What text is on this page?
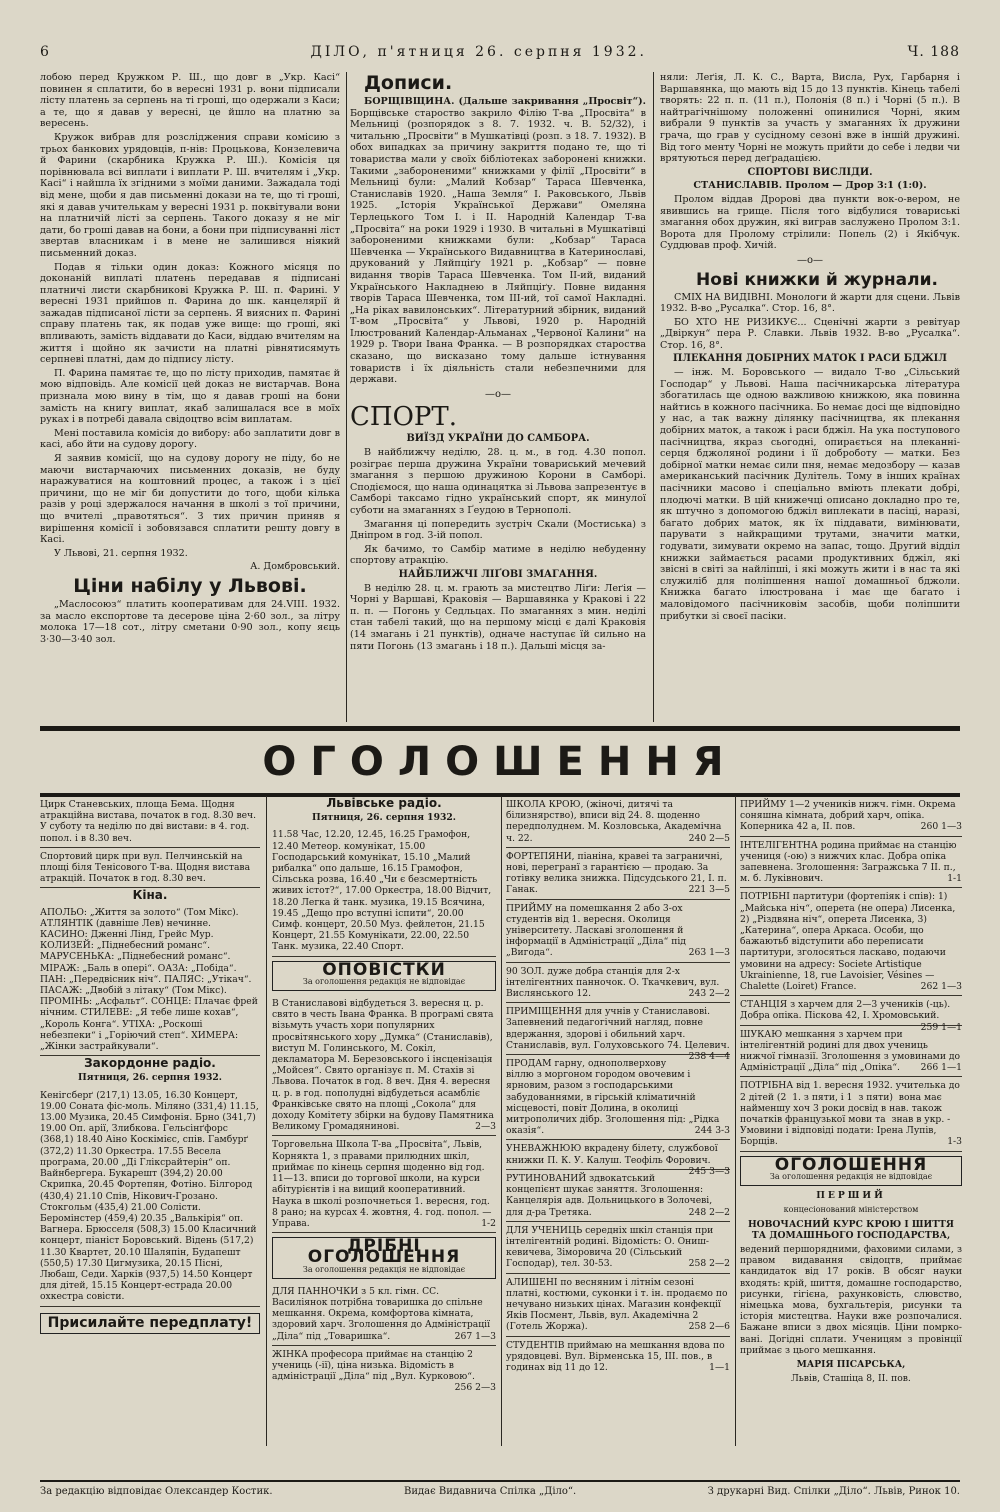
6	ДІЛО, п'ятниця 26. серпня 1932.	Ч. 188

лобою перед Кружком Р. Ш., що довг в „Укр. Касі“ повинен я сплатити, бо в вересні 1931 р. вони підписали лісту платень за серпень на ті гроші, що одержали з Каси; а те, що я давав у вересні, це йшло на платню за вересень.

Кружок вибрав для розсліджения справи комісию з трьох банкових урядовців, п-нів: Процькова, Конзелевича й Фарини (скарбника Кружка Р. Ш.). Комісія ця порівнювала всі виплати і виплати Р. Ш. вчителям і „Укр. Касі“ і найшла їх згідними з моїми даними. Зажадала тоді від мене, щоби я дав письменні докази на те, що ті гроші, які я давав учителькам у вересні 1931 р. поквітували вони на платничій лісті за серпень. Такого доказу я не міг дати, бо гроші давав на бони, а бони при підписуванні ліст звертав власникам і в мене не залишився ніякий письменний доказ.

Подав я тільки один доказ: Кожного місяця по доконаній виплаті платень передавав я підписані платничі листи скарбникові Кружка Р. Ш. п. Фарині. У вересні 1931 прийшов п. Фарина до шк. канцелярії й зажадав підписаної лісти за серпень. Я виясних п. Фарині справу платень так, як подав уже вище: що гроші, які впливають, замість віддавати до Каси, віддаю вчителям на життя і щойно як зачисти на платні рівнятисямуть серпневі платні, дам до підпису лісту.

П. Фарина памятає те, що по лісту приходив, памятає й мою відповідь. Але комісії цей доказ не вистарчав. Вона признала мою вину в тім, що я давав гроші на бони замість на книгу виплат, якаб залишалася все в моїх руках і в потребі давала свідоцтво всім виплатам.

Мені поставила комісія до вибору: або заплатити довг в касі, або йти на судову дорогу.

Я заявив комісії, що на судову дорогу не піду, бо не маючи вистарчаючих письменних доказів, не буду наражуватися на коштовний процес, а також і з цієї причини, що не міг би допустити до того, щоби кілька разів у році здержалося начання в школі з тої причини, що вчителі „правотяться“. З тих причин приняв я вирішення комісії і зобовязався сплатити решту довгу в Касі.

У Львові, 21. серпня 1932.

А. Домбровський.

Ціни набілу у Львові.

„Маслосоюз“ платить кооперативам для 24.VIII. 1932. за масло експортове та десерове ціна 2·60 зол., за літру молока 17—18 сот., літру сметани 0·90 зол., копу яєць 3·30—3·40 зол.

Дописи.

БОРЩІВЩИНА. (Дальше закривання „Просвіт“). Борщівське староство закрило Філію Т-ва „Просвіта“ в Мельниці (розпорядок з 8. 7. 1932. ч. В. 52/32), і читальню „Просвіти“ в Мушкатівці (розп. з 18. 7. 1932). В обох випадках за причину закриття подано те, що ті товариства мали у своїх бібліотеках заборонені книжки. Такими „забороненими“ книжками у філії „Просвіти“ в Мельниці були: „Малий Кобзар“ Тараса Шевченка, Станиславів 1920. „Наша Земля“ І. Раковського, Львів 1925. „Історія Української Держави“ Омеляна Терлецького Том I. і II. Народній Календар Т-ва „Просвіта“ на роки 1929 і 1930. В читальні в Мушкатівці забороненими книжками були: „Кобзар“ Тараса Шевченка — Українського Видавництва в Катеринославі, друкований у Ляйпціґу 1921 р. „Кобзар“ — повне видання творів Тараса Шевченка. Том II-ий, виданий Українського Накладнею в Ляйпціґу. Повне видання творів Тараса Шевченка, том III-ий, тої самої Накладні. „На ріках вавилонських“. Літературний збірник, виданий Т-вом „Просвіта“ у Львові, 1920 р. Народній Ілюстрований Календар-Альманах „Червоної Калини“ на 1929 р. Твори Івана Франка. — В розпорядках староства сказано, що висказано тому дальше істнування товариств і їх діяльність стали небезпечними для держави.

—o—

СПОРТ.

ВИЇЗД УКРАЇНИ ДО САМБОРА.

В найближчу неділю, 28. ц. м., в год. 4.30 попол. розіграє перша дружина України товариський мечевий змагання з першою дружиною Корони в Самборі. Сподіємося, що наша одинацятка зі Львова запрезентує в Самборі таксамо гідно український спорт, як минулої суботи на змаганнях з Ґеудою в Тернополі.

Змагання ці попередить зустріч Скали (Мостиська) з Дніпром в год. 3-ій попол.

Як бачимо, то Самбір матиме в неділю небуденну спортову атракцію.

НАЙБЛИЖЧІ ЛІҐОВІ ЗМАГАННЯ.

В неділю 28. ц. м. грають за мистецтво Ліґи: Леґія — Чорні у Варшаві, Краковія — Варшавянка у Кракові і 22 п. п. — Погонь у Седльцах. По змаганнях з мин. неділі стан табелі такий, що на першому місці є далі Краковія (14 змагань і 21 пунктів), одначе наступає їй сильно на пяти Погонь (13 змагань і 18 п.). Дальші місця за-

няли: Леґія, Л. К. С., Варта, Висла, Рух, Гарбарня і Варшавянка, що мають від 15 до 13 пунктів. Кінець табелі творять: 22 п. п. (11 п.), Полонія (8 п.) і Чорні (5 п.). В найтрагічнішому положенні опинилися Чорні, яким вибрали 9 пунктів за участь у змаганнях їх дружини грача, що грав у сусідному сезоні вже в іншій дружині. Від того менту Чорні не можуть прийти до себе і ледви чи врятуються перед деґрадацією.

СПОРТОВІ ВИСЛІДИ.

СТАНИСЛАВІВ. Пролом — Дрор 3:1 (1:0).

Пролом віддав Дророві два пункти вок-о-вером, не явившись на грище. Після того відбулися товариські змагання обох дружин, які виграв заслужено Пролом 3:1. Ворота для Пролому стрілили: Попель (2) і Якібчук. Суддював проф. Хичій.

—o—

Нові книжки й журнали.

СМІХ НА ВИДІВНІ. Монологи й жарти для сцени. Львів 1932. В-во „Русалка“. Стор. 16, 8°.

БО ХТО НЕ РИЗИКУЄ... Сценічні жарти з ревітуар „Двіркун“ пера Р. Славки. Львів 1932. В-во „Русалка“. Стор. 16, 8°.

ПЛЕКАННЯ ДОБІРНИХ МАТОК І РАСИ БДЖІЛ

— інж. М. Боровського — видало Т-во „Сільський Господар“ у Львові. Наша пасічникарська література збогатилась ще одною важливою книжкою, яка повинна найтись в кожного пасічника. Бо немає досі ще відповідно у нас, а так важну ділянку пасічництва, як плекання добірних маток, а також і раси бджіл. На ука поступового пасічництва, якраз сьогодні, опирається на плеканні-серця бджоляної родини і її доброботу — матки. Без добірної матки немає сили пня, немає медозбору — казав американський пасічник Дулітель. Тому в інших країнах пасічники масово і спеціально вміють плекати добрі, плодючі матки. В цій книжечці описано докладно про те, як штучно з допомогою бджіл виплекати в пасіці, наразі, багато добрих маток, як їх піддавати, вимінювати, парувати з найкращими трутами, значити матки, годувати, зимувати окремо на запас, тощо. Другий відділ книжки займається расами продуктивних бджіл, які звісні в світі за найліпші, і які можуть жити і в нас та які служиліб для поліпшення нашої домашньої бджоли. Книжка багато ілюстрована і має ще багато і маловідомого пасічниковім засобів, щоби поліпшити прибутки зі своєї пасіки.

ОГОЛОШЕННЯ

Цирк Станевських, площа Бема. Щодня атракційна вистава, початок в год. 8.30 веч. У суботу та неділю по дві вистави: в 4. год. попол. і в 8.30 веч.

Спортовий цирк при вул. Пелчинській на площі біля Тенісового Т-ва. Щодня вистава атракцій. Початок в год. 8.30 веч.

Кіна.

АПОЛЬО: „Життя за золото“ (Том Мікс). АТЛЯНТІК (давніше Лев) нечинне. КАСИНО: Дженні Лінд, Грейс Мур. КОЛИЗЕЙ: „Піднебесний романс“. МАРУСЕНЬКА: „Піднебесний романс“. МІРАЖ: „Баль в опері“. ОАЗА: „Побіда“. ПАН: „Передвісник ніч“. ПАЛЯС: „Утікач“. ПАСАЖ: „Двобій з літаку“ (Том Мікс). ПРОМІНЬ: „Асфальт“. СОНЦЕ: Плачає фрей нічним. СТИЛЕВЕ: „Я тебе лише кохав“, „Король Конга“. УТІХА: „Роскоші небезпеки“ і „Горіючий степ“. ХИМЕРА: „Жінки застрайкували“.

Закордонне радіо.

Пятниця, 26. серпня 1932.

Кенігсберґ (217,1) 13.05, 16.30 Концерт, 19.00 Соната фіс-моль. Міляно (331,4) 11.15, 13.00 Музика, 20.45 Симфонія. Брно (341,7) 19.00 Оп. арії, Злибкова. Гельсінґфорс (368,1) 18.40 Аіно Коскімієс, спів. Гамбурґ (372,2) 11.30 Оркестра. 17.55 Весела програма, 20.00 „Ді Гліксрайтерін“ оп. Вайнбергера. Букарешт (394,2) 20.00 Скрипка, 20.45 Фортепян, Фотіно. Білгород (430,4) 21.10 Спів, Нікович-Грозано. Стокгольм (435,4) 21.00 Солісти. Беромінстер (459,4) 20.35 „Валькірія“ оп. Вагнера. Брюсселя (508,3) 15.00 Класичний концерт, піаніст Боровський. Відень (517,2) 11.30 Квартет, 20.10 Шаляпін, Будапешт (550,5) 17.30 Цигмузика, 20.15 Пісні, Любаш, Седи. Харків (937,5) 14.50 Концерт для дітей, 15.15 Концерт-естрада 20.00 охкестра совісти.

Присилайте передплату!

Львівське радіо.

Пятниця, 26. серпня 1932.

11.58 Час, 12.20, 12.45, 16.25 Грамофон, 12.40 Метеор. комунікат, 15.00 Господарський комунікат, 15.10 „Малий рибалка“ опо дальше, 16.15 Грамофон, Сільська розва, 16.40 „Чи є безсмертність живих істот?“, 17.00 Оркестра, 18.00 Відчит, 18.20 Легка й танк. музика, 19.15 Всячина, 19.45 „Дещо про вступні іспити“, 20.00 Симф. концерт, 20.50 Муз. фейлетон, 21.15 Концерт, 21.55 Комунікати, 22.00, 22.50 Танк. музика, 22.40 Спорт.

ОПОВІСТКИ
За оголошення редакція не відповідає

В Станиславові відбудеться 3. вересня ц. р. свято в честь Івана Франка. В програмі свята візьмуть участь хори популярних просвітянського хору „Думка“ (Станиславів), виступ М. Голинського, М. Сокіл, декламатора М. Березовського і інсценізація „Мойсея“. Свято організує п. М. Стахів зі Львова. Початок в год. 8 веч. Дня 4. вересня ц. р. в год. пополудні відбудеться асамбліє Франківське свято на площі „Сокола“ для доходу Комітету збірки на будову Памятника Великому Громадянинові.	2—3

Торговельна Школа Т-ва „Просвіта“, Львів, Корнякта 1, з правами прилюдних шкіл, приймає по кінець серпня щоденно від год. 11—13. вписи до торгової школи, на курси абітурієнтів і на вищий кооперативний. Наука в школі розпочнеться 1. вересня, год. 8 рано; на курсах 4. жовтня, 4. год. попол. — Управа.	1-2

ДРІБНІ ОГОЛОШЕННЯ
За оголошення редакція не відповідає

ДЛЯ ПАННОЧКИ з 5 кл. гімн. СС. Василіянок потрібна товаришка до спільне мешкання. Окрема, комфортова кімната, здоровий харч. Зголошення до Адміністрації „Діла“ під „Товаришка“.	267 1—3

ЖІНКА професора приймає на станцію 2 учениць (-ії), ціна низька. Відомість в адміністрації „Діла“ під „Вул. Курковою“.
256 2—3

ШКОЛА КРОЮ, (жіночі, дитячі та білизнярство), вписи від 24. 8. щоденно передполуднем. М. Козловська, Академічна ч. 22.	240 2—5

ФОРТЕПЯНИ, піаніна, кравеі та заграничні, нові, перегранї з гарантією — продаю. За готівку велика знижка. Підсудського 21, І. п. Ганак.	221 3—5

ПРИЙМУ на помешкання 2 або 3-ох студентів від 1. вересня. Околиця університету. Ласкаві зголошення й інформації в Адміністрації „Діла“ під „Вигода“.	263 1—3

90 ЗОЛ. дуже добра станція для 2-х інтелігентних панночок. О. Ткачкевич, вул. Вислянського 12.	243 2—2

ПРИМІЩЕННЯ для учнів у Станиславові. Запевнений педагогічний нагляд, повне вдержання, здорові і обильний харч. Станиславів, вул. Голуховського 74. Целевич.
238 4—4

ПРОДАМ гарну, однополверхову віллю з моргоном городом овочевим і ярновим, разом з господарськими забудованнями, в гірській кліматичній місцевості, повіт Долина, в околиці митрополичих дібр. Зголошення під: „Рідка оказія“.	244 3-3

УНЕВАЖНЮЮ вкрадену білету, службової книжки П. К. У. Калуш. Теофіль Форович.
245 3—3

РУТИНОВАНИЙ здвокатський концепієнт шукає заняття. Зголошення: Канцелярія адв. Дольницького в Золочеві, для д-ра Третяка.	248 2—2

ДЛЯ УЧЕНИЦЬ середніх шкіл станція при інтелігентній родині. Відомість: О. Онишкевичева, Зіморовича 20 (Сільський Господар), тел. 30-53.	258 2—2

АЛИШЕНІ по весняним і літнім сезоні платні, костюми, суконки і т. ін. продаємо по нечувано низьких цінах. Магазин конфекції Яків Посмент, Львів, вул. Академічна 2 (Готель Жоржа).	258 2—6

СТУДЕНТІВ приймаю на мешкання вдова по урядовцеві. Вул. Вірменська 15, ІІІ. пов., в годинах від 11 до 12.	1—1

ПРИЙМУ 1—2 учеників нижч. гімн. Окрема соняшна кімната, добрий харч, опіка. Коперника 42 а, ІІ. пов.	260 1—3

ІНТЕЛІГЕНТНА родина приймає на станцію учениця (-ою) з нижчих клас. Добра опіка запевнена. Зголошення: Загражська 7 ІІ. п., м. б. Луківнович.	1-1

ПОТРІБНІ партитури (фортепіяк і спів): 1) „Майська ніч“, оперета (не опера) Лисенка, 2) „Різдвяна ніч“, оперета Лисенка, 3) „Катерина“, опера Аркаса. Особи, що бажаютьб відступити або переписати партитури, зголосяться ласкаво, подаючи умовини на адресу: Societe Artistique Ukrainienne, 18, rue Lavoisier, Vésines — Chalette (Loiret) France.	262 1—3

СТАНЦІЯ з харчем для 2—3 учеників (-ць). Добра опіка. Піскова 42, І. Хромовський.
259 1—1

ШУКАЮ мешкання з харчем при інтелігентній родині для двох учениць нижчої гімназії. Зголошення з умовинами до Адміністрації „Діла“ під „Опіка“. 266 1—1

ПОТРІБНА від 1. вересня 1932. учителька до 2 дітей (2 1. з пяти, і 1 з пяти) вона має найменшу хоч 3 роки досвід в нав. також початків французької мови та знав в укр. Умовини і відповіді подати: Ірена Лупів, Борщів.	1-3

ОГОЛОШЕННЯ
За оголошення редакція не відповідає

ПЕРШИЙ

концесіонований міністерством

НОВОЧАСНИЙ КУРС КРОЮ І ШИТТЯ ТА ДОМАШНЬОГО ГОСПОДАРСТВА,

ведений першорядними, фаховими силами, з правом видавання свідоцтв, приймає кандидаток від 17 років. В обсяг науки входять: крій, шиття, домашне господарство, рисунки, гігієна, рахунковість, слювство, німецька мова, бухгальтерія, рисунки та історія мистецтва. Науки вже розпочалися. Бажане вписи з двох місяців. Ціни помрковані. Догідні сплати. Ученицям з провінції приймає з цього мешкання.

МАРІЯ ПІСАРСЬКА,

Львів, Сташіца 8, ІІ. пов.

За редакцію відповідає Олександер Костик.	Видає Видавнича Спілка „Діло“.	З друкарні Вид. Спілки „Діло“. Львів, Ринок 10.
